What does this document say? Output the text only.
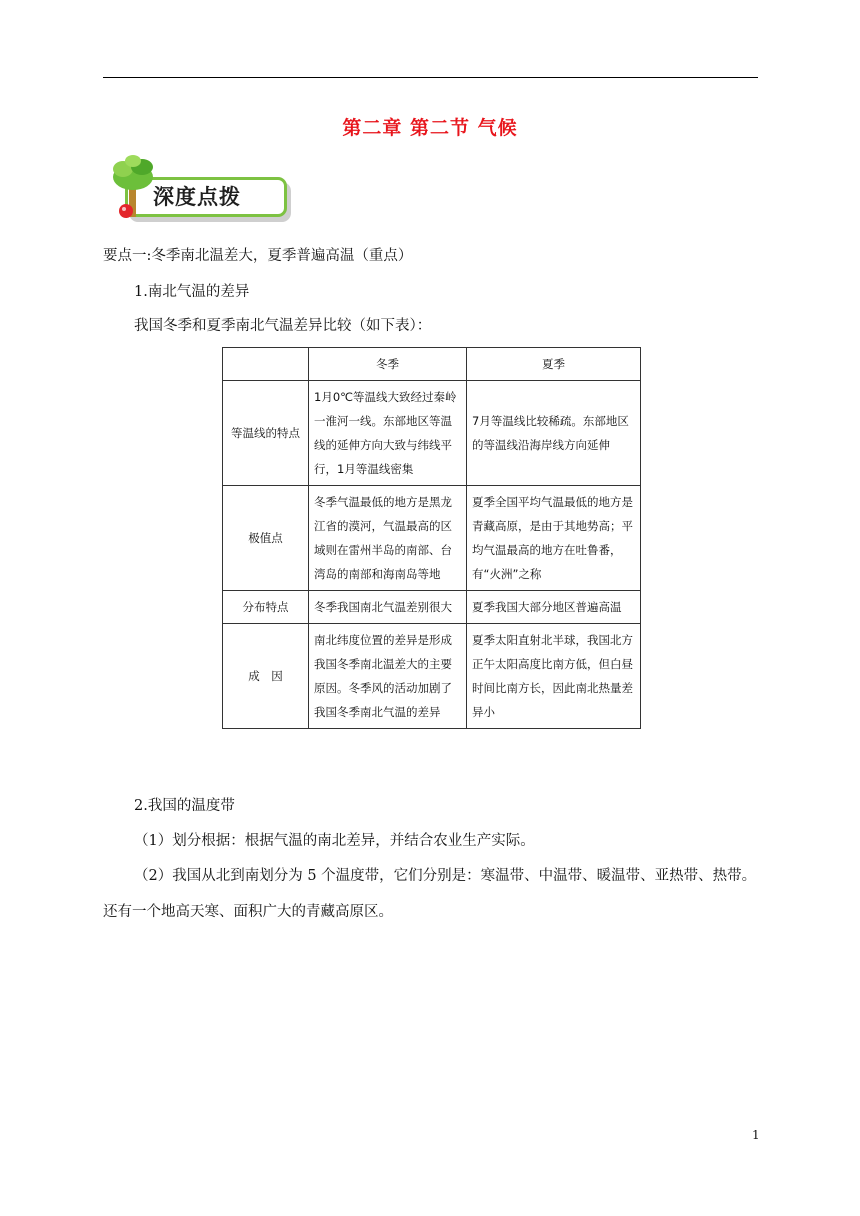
第二章 第二节 气候
深度点拨
要点一:冬季南北温差大，夏季普遍高温（重点）
1.南北气温的差异
我国冬季和夏季南北气温差异比较（如下表）：
	冬季	夏季
等温线的特点	1月0℃等温线大致经过秦岭一淮河一线。东部地区等温线的延伸方向大致与纬线平行，1月等温线密集	7月等温线比较稀疏。东部地区的等温线沿海岸线方向延伸
极值点	冬季气温最低的地方是黑龙江省的漠河，气温最高的区域则在雷州半岛的南部、台湾岛的南部和海南岛等地	夏季全国平均气温最低的地方是青藏高原，是由于其地势高；平均气温最高的地方在吐鲁番，有“火洲”之称
分布特点	冬季我国南北气温差别很大	夏季我国大部分地区普遍高温
成　因	南北纬度位置的差异是形成我国冬季南北温差大的主要原因。冬季风的活动加剧了我国冬季南北气温的差异	夏季太阳直射北半球，我国北方正午太阳高度比南方低，但白昼时间比南方长，因此南北热量差异小
2.我国的温度带
（1）划分根据：根据气温的南北差异，并结合农业生产实际。
（2）我国从北到南划分为 5 个温度带，它们分别是：寒温带、中温带、暖温带、亚热带、热带。
还有一个地高天寒、面积广大的青藏高原区。
1
